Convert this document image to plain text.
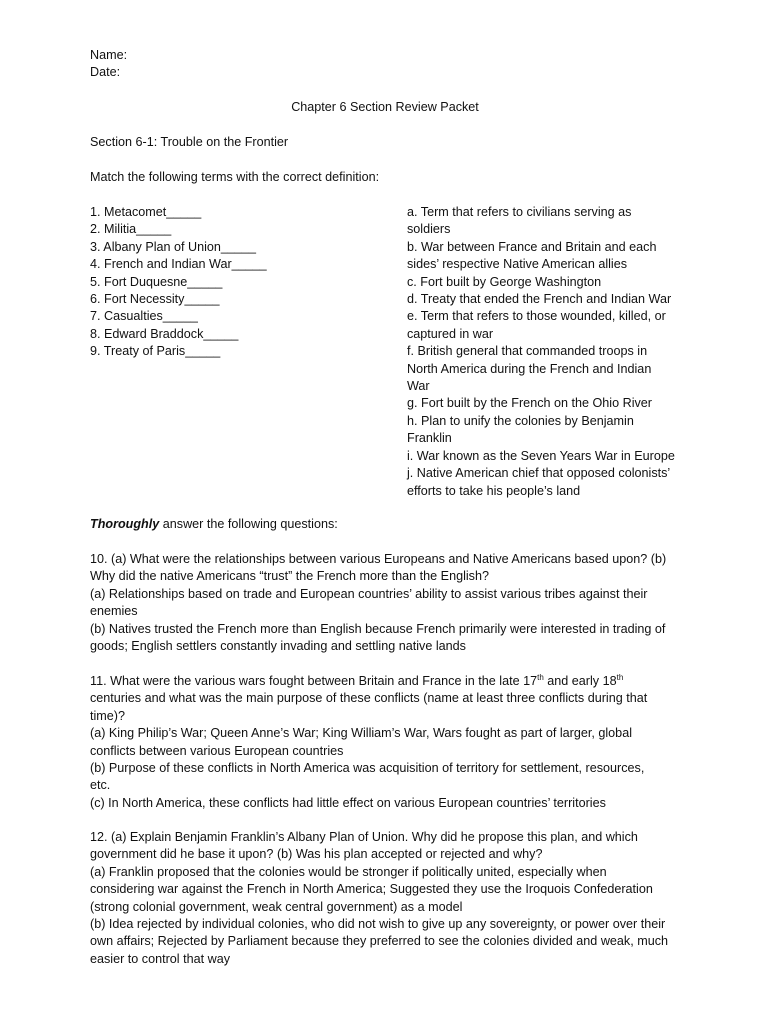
Name:
Date:
Chapter 6 Section Review Packet
Section 6-1: Trouble on the Frontier
Match the following terms with the correct definition:
1. Metacomet_____
2. Militia_____
3. Albany Plan of Union_____
4. French and Indian War_____
5. Fort Duquesne_____
6. Fort Necessity_____
7. Casualties_____
8. Edward Braddock_____
9. Treaty of Paris_____
a. Term that refers to civilians serving as
soldiers
b. War between France and Britain and each
sides’ respective Native American allies
c. Fort built by George Washington
d. Treaty that ended the French and Indian War
e. Term that refers to those wounded, killed, or
captured in war
f. British general that commanded troops in
North America during the French and Indian
War
g. Fort built by the French on the Ohio River
h. Plan to unify the colonies by Benjamin
Franklin
i. War known as the Seven Years War in Europe
j. Native American chief that opposed colonists’
efforts to take his people’s land
Thoroughly answer the following questions:
10. (a) What were the relationships between various Europeans and Native Americans based upon? (b)
Why did the native Americans “trust” the French more than the English?
(a) Relationships based on trade and European countries’ ability to assist various tribes against their
enemies
(b) Natives trusted the French more than English because French primarily were interested in trading of
goods; English settlers constantly invading and settling native lands
11. What were the various wars fought between Britain and France in the late 17th and early 18th
centuries and what was the main purpose of these conflicts (name at least three conflicts during that
time)?
(a) King Philip’s War; Queen Anne’s War; King William’s War, Wars fought as part of larger, global
conflicts between various European countries
(b) Purpose of these conflicts in North America was acquisition of territory for settlement, resources,
etc.
(c) In North America, these conflicts had little effect on various European countries’ territories
12. (a) Explain Benjamin Franklin’s Albany Plan of Union. Why did he propose this plan, and which
government did he base it upon? (b) Was his plan accepted or rejected and why?
(a) Franklin proposed that the colonies would be stronger if politically united, especially when
considering war against the French in North America; Suggested they use the Iroquois Confederation
(strong colonial government, weak central government) as a model
(b) Idea rejected by individual colonies, who did not wish to give up any sovereignty, or power over their
own affairs; Rejected by Parliament because they preferred to see the colonies divided and weak, much
easier to control that way
